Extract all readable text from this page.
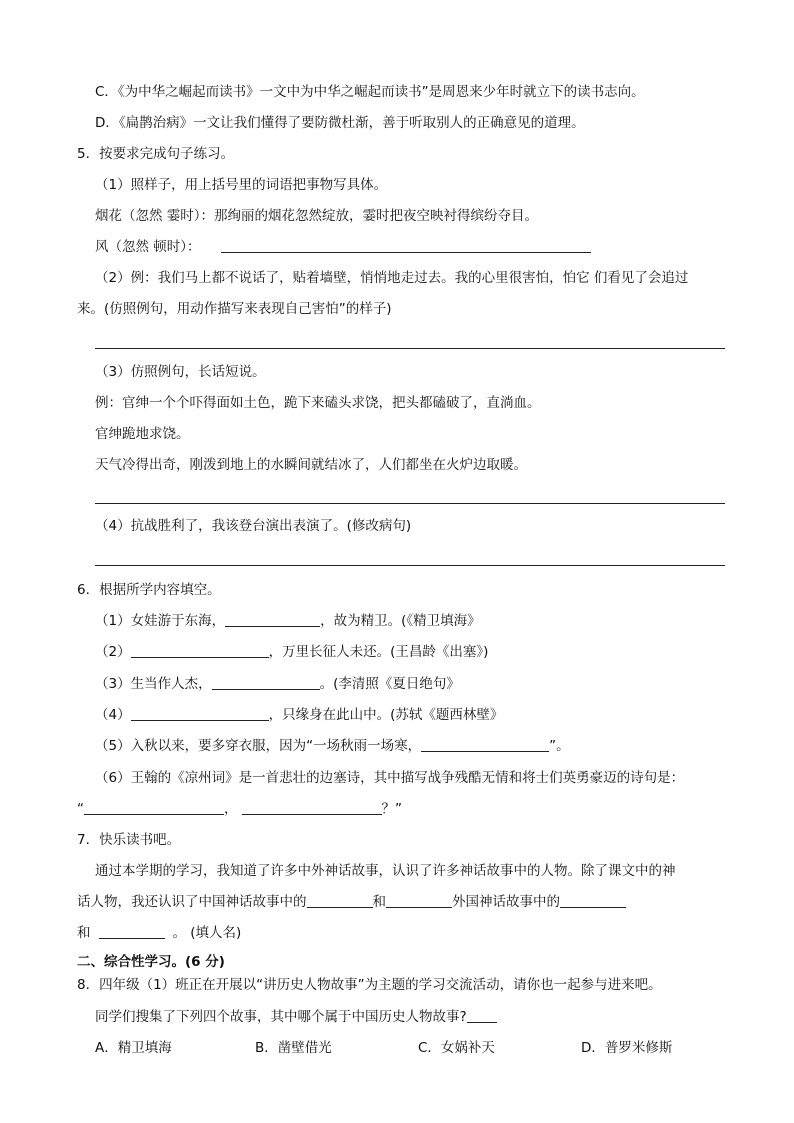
C．《为中华之崛起而读书》一文中为中华之崛起而读书”是周恩来少年时就立下的读书志向。
D．《扁鹊治病》一文让我们懂得了要防微杜渐，善于听取别人的正确意见的道理。
5．按要求完成句子练习。
（1）照样子，用上括号里的词语把事物写具体。
烟花（忽然 霎时）：那绚丽的烟花忽然绽放，霎时把夜空映衬得缤纷夺目。
风（忽然 顿时）：
（2）例：我们马上都不说话了，贴着墙壁，悄悄地走过去。我的心里很害怕，怕它 们看见了会追过
来。(仿照例句，用动作描写来表现自己害怕”的样子)
（3）仿照例句，长话短说。
例：官绅一个个吓得面如土色，跪下来磕头求饶，把头都磕破了，直淌血。
官绅跪地求饶。
天气冷得出奇，刚泼到地上的水瞬间就结冰了，人们都坐在火炉边取暖。
（4）抗战胜利了，我该登台演出表演了。(修改病句)
6．根据所学内容填空。
（1）女娃游于东海，	，故为精卫。(《精卫填海》
（2）	，万里长征人未还。(王昌龄《出塞》)
（3）生当作人杰，	。(李清照《夏日绝句》
（4）	，只缘身在此山中。(苏轼《题西林壁》
（5）入秋以来，要多穿衣服，因为“一场秋雨一场寒，	”。
（6）王翰的《凉州词》是一首悲壮的边塞诗，其中描写战争残酷无情和将士们英勇豪迈的诗句是：
“	，	？”
7．快乐读书吧。
通过本学期的学习，我知道了许多中外神话故事，认识了许多神话故事中的人物。除了课文中的神
话人物，我还认识了中国神话故事中的	和	外国神话故事中的
和	。 (填人名)
二、综合性学习。(6 分)
8．四年级（1）班正在开展以“讲历史人物故事”为主题的学习交流活动，请你也一起参与进来吧。
同学们搜集了下列四个故事，其中哪个属于中国历史人物故事?
A．精卫填海	B．凿壁借光	C．女娲补天	D．普罗米修斯
